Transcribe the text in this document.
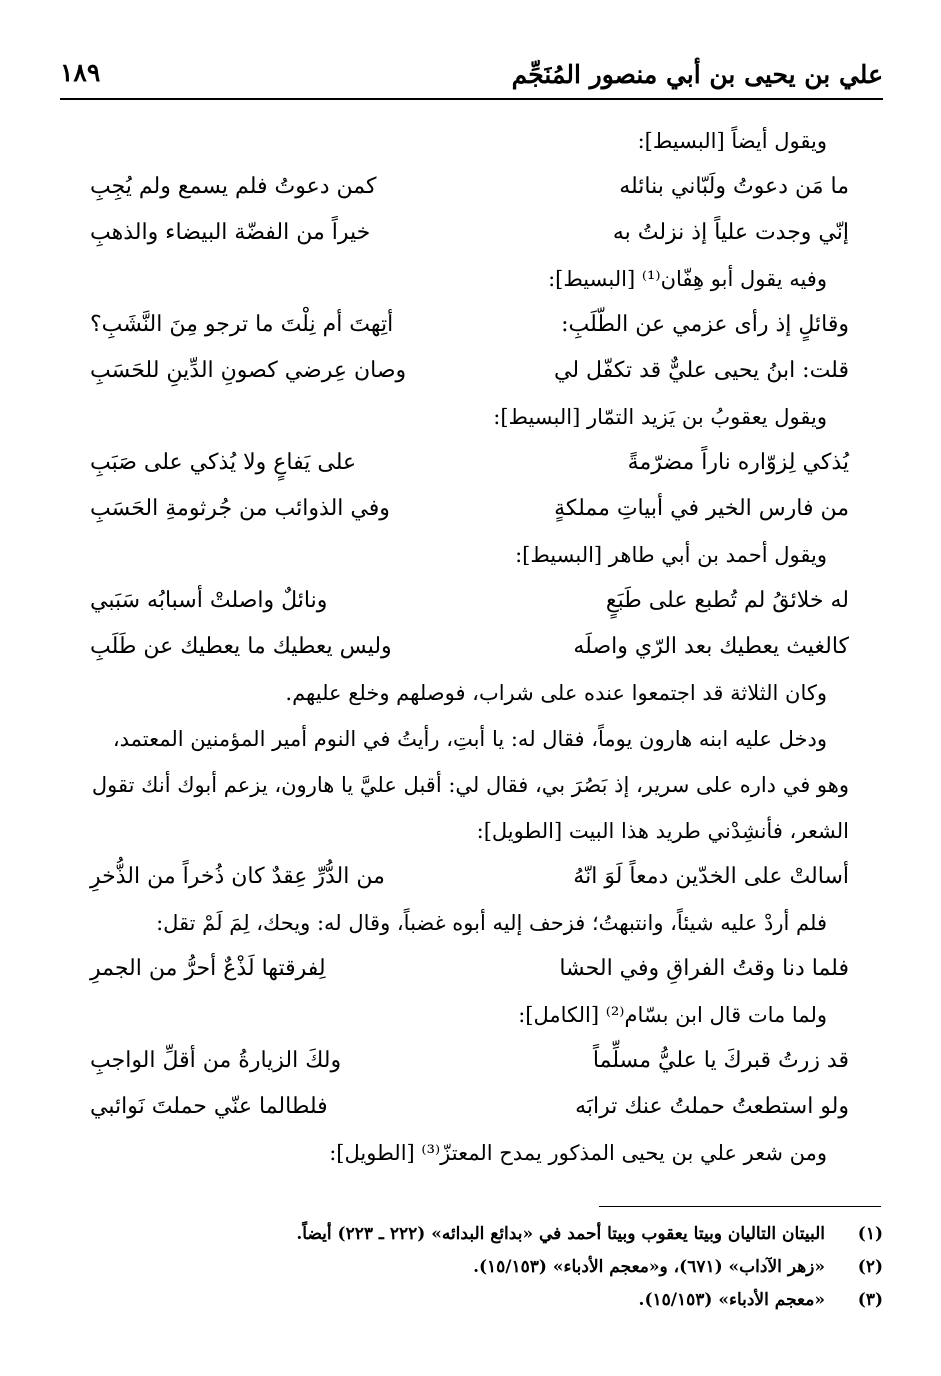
علي بن يحيى بن أبي منصور المُنَجِّم
١٨٩
ويقول أيضاً [البسيط]:
ما مَن دعوتُ ولَبّاني بنائله
كمن دعوتُ فلم يسمع ولم يُجِبِ
إنّي وجدت علياً إذ نزلتُ به
خيراً من الفضّة البيضاء والذهبِ
وفيه يقول أبو هِفّان⁽¹⁾ [البسيط]:
وقائلٍ إذ رأى عزمي عن الطّلَبِ:
أتِهتَ أم نِلْتَ ما ترجو مِنَ النَّشَبِ؟
قلت: ابنُ يحيى عليٌّ قد تكفّل لي
وصان عِرضي كصونِ الدِّينِ للحَسَبِ
ويقول يعقوبُ بن يَزيد التمّار [البسيط]:
يُذكي لِزوّاره ناراً مضرّمةً
على يَفاعٍ ولا يُذكي على صَبَبِ
من فارس الخير في أبياتِ مملكةٍ
وفي الذوائب من جُرثومةِ الحَسَبِ
ويقول أحمد بن أبي طاهر [البسيط]:
له خلائقُ لم تُطبع على طَبَعٍ
ونائلٌ واصلتْ أسبابُه سَبَبي
كالغيث يعطيك بعد الرّي واصلَه
وليس يعطيك ما يعطيك عن طَلَبِ
وكان الثلاثة قد اجتمعوا عنده على شراب، فوصلهم وخلع عليهم.
ودخل عليه ابنه هارون يوماً، فقال له: يا أبتِ، رأيتُ في النوم أمير المؤمنين المعتمد،
وهو في داره على سرير، إذ بَصُرَ بي، فقال لي: أقبل عليَّ يا هارون، يزعم أبوك أنك تقول
الشعر، فأنشِدْني طريد هذا البيت [الطويل]:
أسالتْ على الخدّين دمعاً لَوَ انّهُ
من الدُّرِّ عِقدٌ كان ذُخراً من الذُّخرِ
فلم أردْ عليه شيئاً، وانتبهتُ؛ فزحف إليه أبوه غضباً، وقال له: ويحك، لِمَ لَمْ تقل:
فلما دنا وقتُ الفراقِ وفي الحشا
لِفرقتها لَذْعٌ أحرُّ من الجمرِ
ولما مات قال ابن بسّام⁽²⁾ [الكامل]:
قد زرتُ قبركَ يا عليُّ مسلِّماً
ولكَ الزيارةُ من أقلِّ الواجبِ
ولو استطعتُ حملتُ عنك ترابَه
فلطالما عنّي حملتَ نَوائبي
ومن شعر علي بن يحيى المذكور يمدح المعتزّ⁽³⁾ [الطويل]:
(١)
البيتان التاليان وبيتا يعقوب وبيتا أحمد في «بدائع البدائه» (٢٢٢ ـ ٢٢٣) أيضاً.
(٢)
«زهر الآداب» (٦٧١)، و«معجم الأدباء» (١٥/١٥٣).
(٣)
«معجم الأدباء» (١٥/١٥٣).
